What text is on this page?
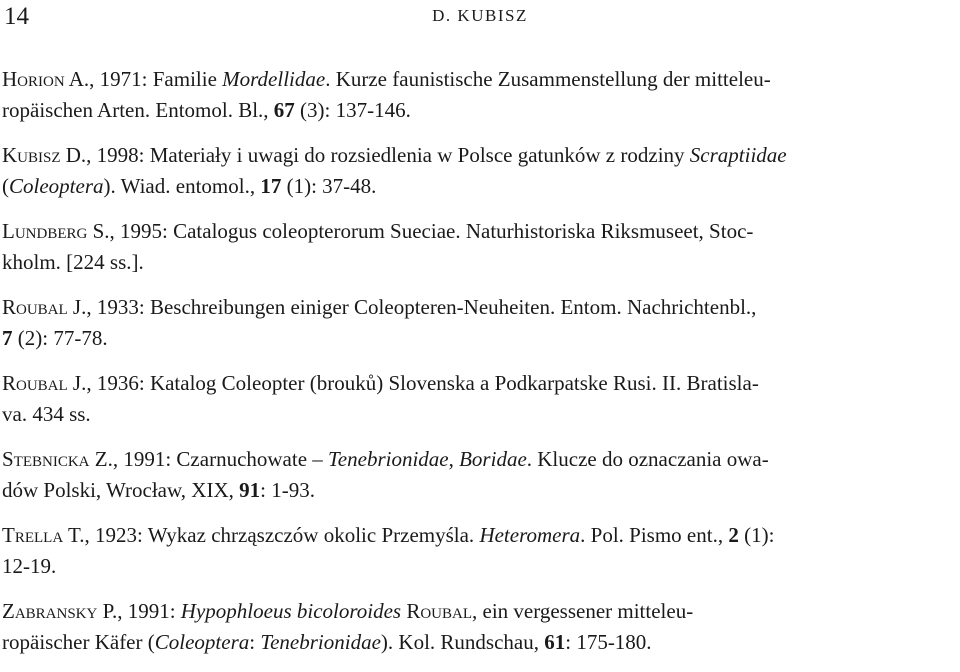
14	D. KUBISZ

Horion A., 1971: Familie Mordellidae. Kurze faunistische Zusammenstellung der mitteleu-
ropäischen Arten. Entomol. Bl., 67 (3): 137-146.

Kubisz D., 1998: Materiały i uwagi do rozsiedlenia w Polsce gatunków z rodziny Scraptiidae
(Coleoptera). Wiad. entomol., 17 (1): 37-48.

Lundberg S., 1995: Catalogus coleopterorum Sueciae. Naturhistoriska Riksmuseet, Stoc-
kholm. [224 ss.].

Roubal J., 1933: Beschreibungen einiger Coleopteren-Neuheiten. Entom. Nachrichtenbl.,
7 (2): 77-78.

Roubal J., 1936: Katalog Coleopter (brouků) Slovenska a Podkarpatske Rusi. II. Bratisla-
va. 434 ss.

Stebnicka Z., 1991: Czarnuchowate – Tenebrionidae, Boridae. Klucze do oznaczania owa-
dów Polski, Wrocław, XIX, 91: 1-93.

Trella T., 1923: Wykaz chrząszczów okolic Przemyśla. Heteromera. Pol. Pismo ent., 2 (1):
12-19.

Zabransky P., 1991: Hypophloeus bicoloroides Roubal, ein vergessener mitteleu-
ropäischer Käfer (Coleoptera: Tenebrionidae). Kol. Rundschau, 61: 175-180.
